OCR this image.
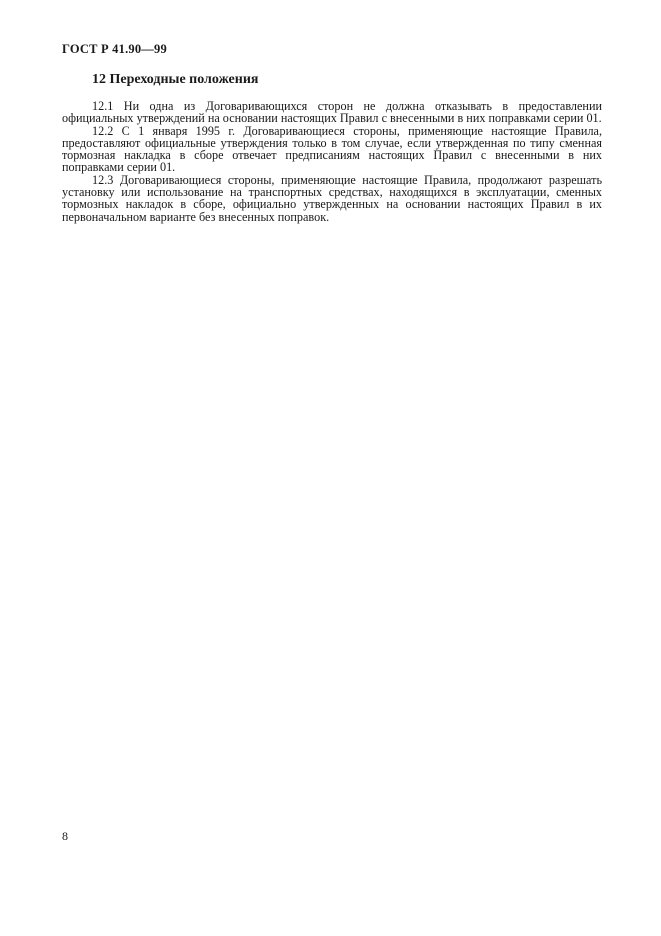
ГОСТ Р 41.90—99
12 Переходные положения

12.1 Ни одна из Договаривающихся сторон не должна отказывать в предоставлении официальных утверждений на основании настоящих Правил с внесенными в них поправками серии 01.

12.2 С 1 января 1995 г. Договаривающиеся стороны, применяющие настоящие Правила, предоставляют официальные утверждения только в том случае, если утвержденная по типу сменная тормозная накладка в сборе отвечает предписаниям настоящих Правил с внесенными в них поправками серии 01.

12.3 Договаривающиеся стороны, применяющие настоящие Правила, продолжают разрешать установку или использование на транспортных средствах, находящихся в эксплуатации, сменных тормозных накладок в сборе, официально утвержденных на основании настоящих Правил в их первоначальном варианте без внесенных поправок.

8
